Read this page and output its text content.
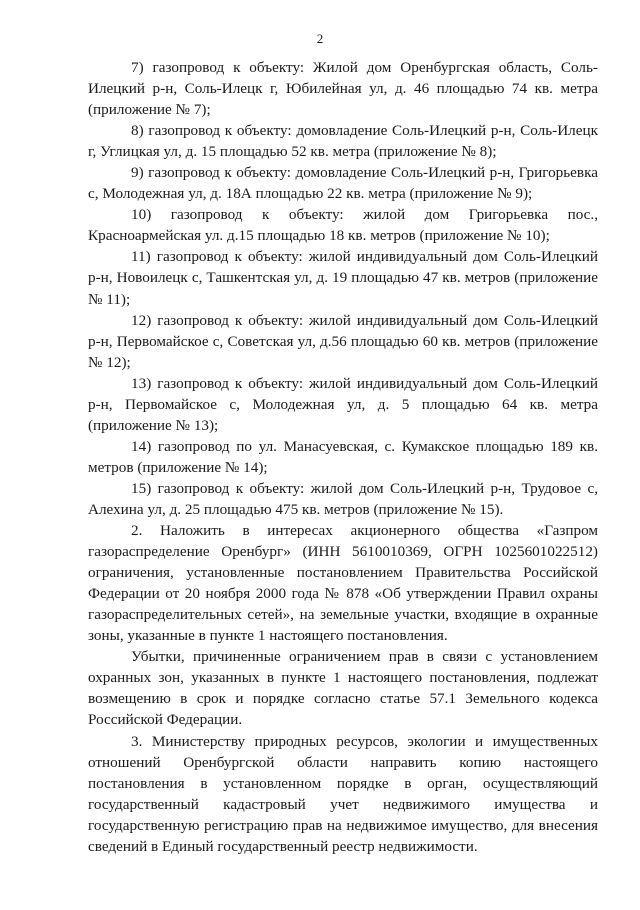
2

7) газопровод к объекту: Жилой дом Оренбургская область, Соль-Илецкий р-н, Соль-Илецк г, Юбилейная ул, д. 46 площадью 74 кв. метра (приложение № 7);

8) газопровод к объекту: домовладение Соль-Илецкий р-н, Соль-Илецк г, Углицкая ул, д. 15 площадью 52 кв. метра (приложение № 8);

9) газопровод к объекту: домовладение Соль-Илецкий р-н, Григорьевка с, Молодежная ул, д. 18А площадью 22 кв. метра (приложение № 9);

10) газопровод к объекту: жилой дом Григорьевка пос., Красноармейская ул. д.15 площадью 18 кв. метров (приложение № 10);

11) газопровод к объекту: жилой индивидуальный дом Соль-Илецкий р-н, Новоилецк с, Ташкентская ул, д. 19 площадью 47 кв. метров (приложение № 11);

12) газопровод к объекту: жилой индивидуальный дом Соль-Илецкий р-н, Первомайское с, Советская ул, д.56 площадью 60 кв. метров (приложение № 12);

13) газопровод к объекту: жилой индивидуальный дом Соль-Илецкий р-н, Первомайское с, Молодежная ул, д. 5 площадью 64 кв. метра (приложение № 13);

14) газопровод по ул. Манасуевская, с. Кумакское площадью 189 кв. метров (приложение № 14);

15) газопровод к объекту: жилой дом Соль-Илецкий р-н, Трудовое с, Алехина ул, д. 25 площадью 475 кв. метров (приложение № 15).

2. Наложить в интересах акционерного общества «Газпром газораспределение Оренбург» (ИНН 5610010369, ОГРН 1025601022512) ограничения, установленные постановлением Правительства Российской Федерации от 20 ноября 2000 года № 878 «Об утверждении Правил охраны газораспределительных сетей», на земельные участки, входящие в охранные зоны, указанные в пункте 1 настоящего постановления.

Убытки, причиненные ограничением прав в связи с установлением охранных зон, указанных в пункте 1 настоящего постановления, подлежат возмещению в срок и порядке согласно статье 57.1 Земельного кодекса Российской Федерации.

3. Министерству природных ресурсов, экологии и имущественных отношений Оренбургской области направить копию настоящего постановления в установленном порядке в орган, осуществляющий государственный кадастровый учет недвижимого имущества и государственную регистрацию прав на недвижимое имущество, для внесения сведений в Единый государственный реестр недвижимости.
